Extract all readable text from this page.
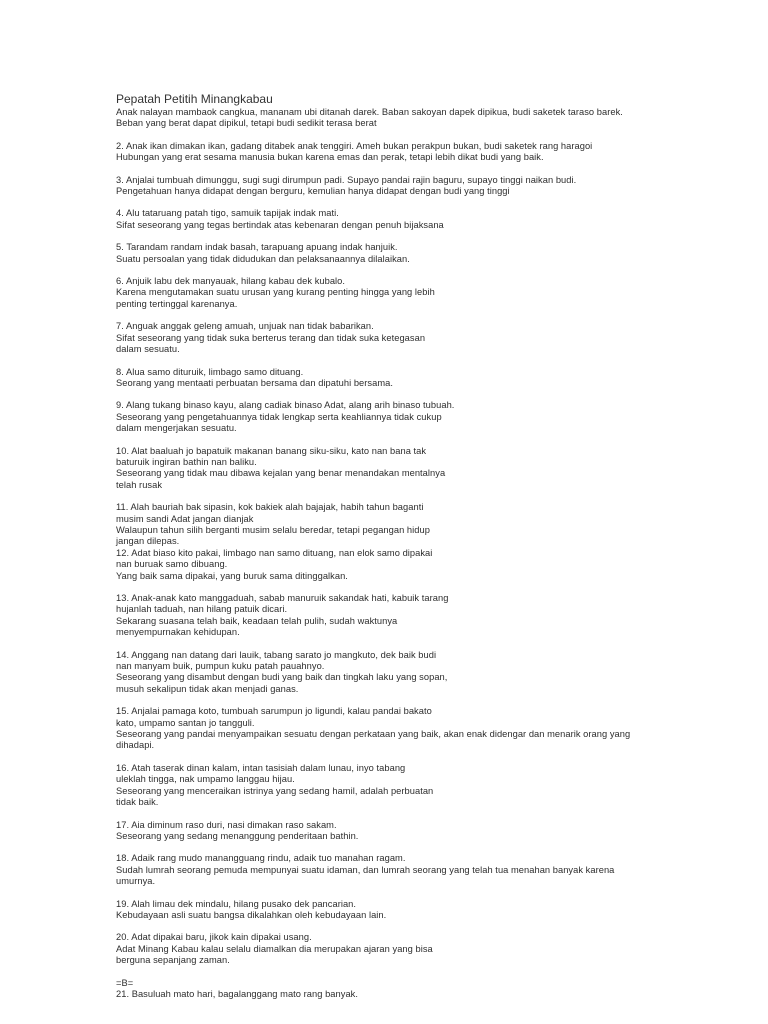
Pepatah Petitih Minangkabau
Anak nalayan mambaok cangkua, mananam ubi ditanah darek. Baban sakoyan dapek dipikua, budi saketek taraso barek.
Beban yang berat dapat dipikul, tetapi budi sedikit terasa berat
2. Anak ikan dimakan ikan, gadang ditabek anak tenggiri. Ameh bukan perakpun bukan, budi saketek rang haragoi
Hubungan yang erat sesama manusia bukan karena emas dan perak, tetapi lebih dikat budi yang baik.
3. Anjalai tumbuah dimunggu, sugi sugi dirumpun padi. Supayo pandai rajin baguru, supayo tinggi naikan budi.
Pengetahuan hanya didapat dengan berguru, kemulian hanya didapat dengan budi yang tinggi
4. Alu tataruang patah tigo, samuik tapijak indak mati.
Sifat seseorang yang tegas bertindak atas kebenaran dengan penuh bijaksana
5. Tarandam randam indak basah, tarapuang apuang indak hanjuik.
Suatu persoalan yang tidak didudukan dan pelaksanaannya dilalaikan.
6. Anjuik labu dek manyauak, hilang kabau dek kubalo.
Karena mengutamakan suatu urusan yang kurang penting hingga yang lebih
penting tertinggal karenanya.
7. Anguak anggak geleng amuah, unjuak nan tidak babarikan.
Sifat seseorang yang tidak suka berterus terang dan tidak suka ketegasan
dalam sesuatu.
8. Alua samo dituruik, limbago samo dituang.
Seorang yang mentaati perbuatan bersama dan dipatuhi bersama.
9. Alang tukang binaso kayu, alang cadiak binaso Adat, alang arih binaso tubuah.
Seseorang yang pengetahuannya tidak lengkap serta keahliannya tidak cukup
dalam mengerjakan sesuatu.
10. Alat baaluah jo bapatuik makanan banang siku-siku, kato nan bana tak
baturuik ingiran bathin nan baliku.
Seseorang yang tidak mau dibawa kejalan yang benar menandakan mentalnya
telah rusak
11. Alah bauriah bak sipasin, kok bakiek alah bajajak, habih tahun baganti
musim sandi Adat jangan dianjak
Walaupun tahun silih berganti musim selalu beredar, tetapi pegangan hidup
jangan dilepas.
12. Adat biaso kito pakai, limbago nan samo dituang, nan elok samo dipakai
nan buruak samo dibuang.
Yang baik sama dipakai, yang buruk sama ditinggalkan.
13. Anak-anak kato manggaduah, sabab manuruik sakandak hati, kabuik tarang
hujanlah taduah, nan hilang patuik dicari.
Sekarang suasana telah baik, keadaan telah pulih, sudah waktunya
menyempurnakan kehidupan.
14. Anggang nan datang dari lauik, tabang sarato jo mangkuto, dek baik budi
nan manyam buik, pumpun kuku patah pauahnyo.
Seseorang yang disambut dengan budi yang baik dan tingkah laku yang sopan,
musuh sekalipun tidak akan menjadi ganas.
15. Anjalai pamaga koto, tumbuah sarumpun jo ligundi, kalau pandai bakato
kato, umpamo santan jo tangguli.
Seseorang yang pandai menyampaikan sesuatu dengan perkataan yang baik, akan enak didengar dan menarik orang yang
dihadapi.
16. Atah taserak dinan kalam, intan tasisiah dalam lunau, inyo tabang
uleklah tingga, nak umpamo langgau hijau.
Seseorang yang menceraikan istrinya yang sedang hamil, adalah perbuatan
tidak baik.
17. Aia diminum raso duri, nasi dimakan raso sakam.
Seseorang yang sedang menanggung penderitaan bathin.
18. Adaik rang mudo manangguang rindu, adaik tuo manahan ragam.
Sudah lumrah seorang pemuda mempunyai suatu idaman, dan lumrah seorang yang telah tua menahan banyak karena
umurnya.
19. Alah limau dek mindalu, hilang pusako dek pancarian.
Kebudayaan asli suatu bangsa dikalahkan oleh kebudayaan lain.
20. Adat dipakai baru, jikok kain dipakai usang.
Adat Minang Kabau kalau selalu diamalkan dia merupakan ajaran yang bisa
berguna sepanjang zaman.
=B=
21. Basuluah mato hari, bagalanggang mato rang banyak.
